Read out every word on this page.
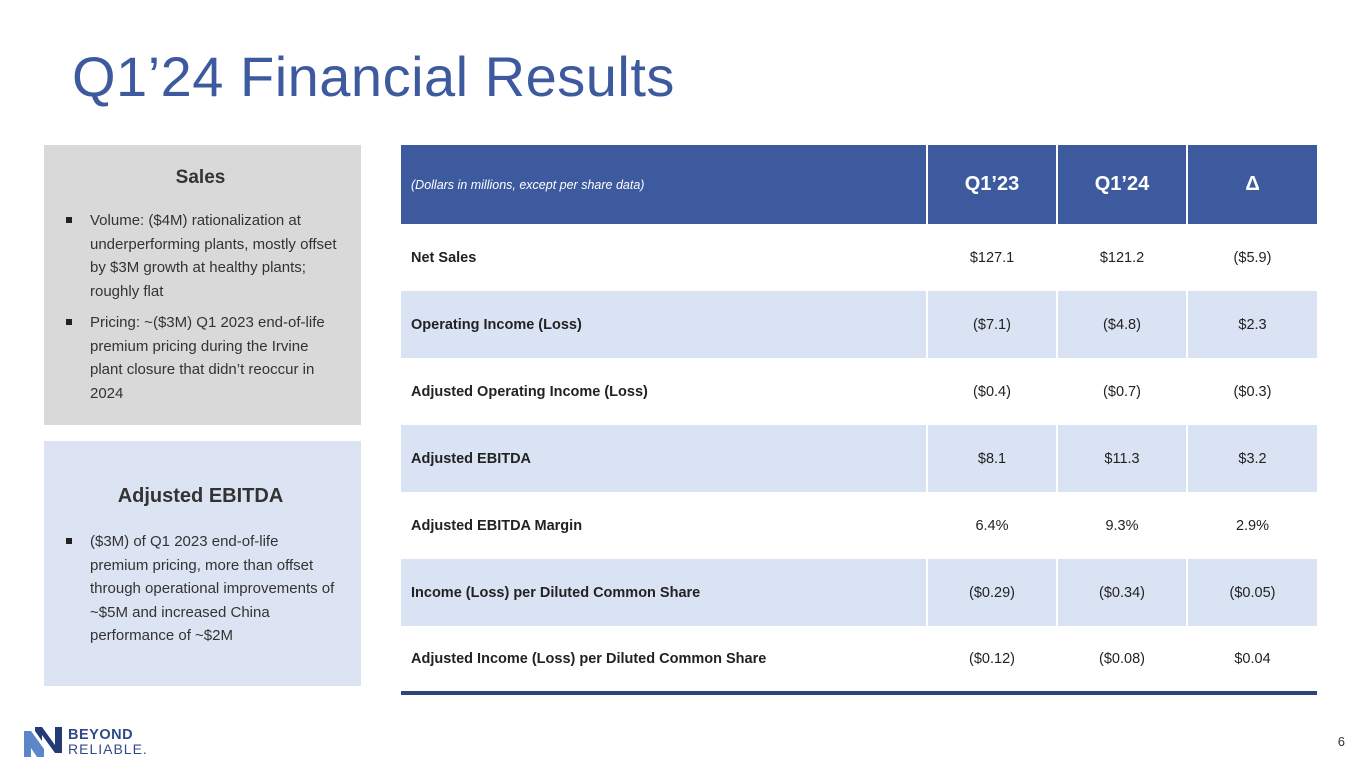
Q1’24 Financial Results
Sales
Volume: ($4M) rationalization at underperforming plants, mostly offset by $3M growth at healthy plants; roughly flat
Pricing: ~($3M) Q1 2023 end-of-life premium pricing during the Irvine plant closure that didn’t reoccur in 2024
Adjusted EBITDA
($3M) of Q1 2023 end-of-life premium pricing, more than offset through operational improvements of ~$5M and increased China performance of ~$2M
(Dollars in millions, except per share data)	Q1’23	Q1’24	Δ
Net Sales	$127.1	$121.2	($5.9)
Operating Income (Loss)	($7.1)	($4.8)	$2.3
Adjusted Operating Income (Loss)	($0.4)	($0.7)	($0.3)
Adjusted EBITDA	$8.1	$11.3	$3.2
Adjusted EBITDA Margin	6.4%	9.3%	2.9%
Income (Loss) per Diluted Common Share	($0.29)	($0.34)	($0.05)
Adjusted Income (Loss) per Diluted Common Share	($0.12)	($0.08)	$0.04
BEYOND
RELIABLE.	6
